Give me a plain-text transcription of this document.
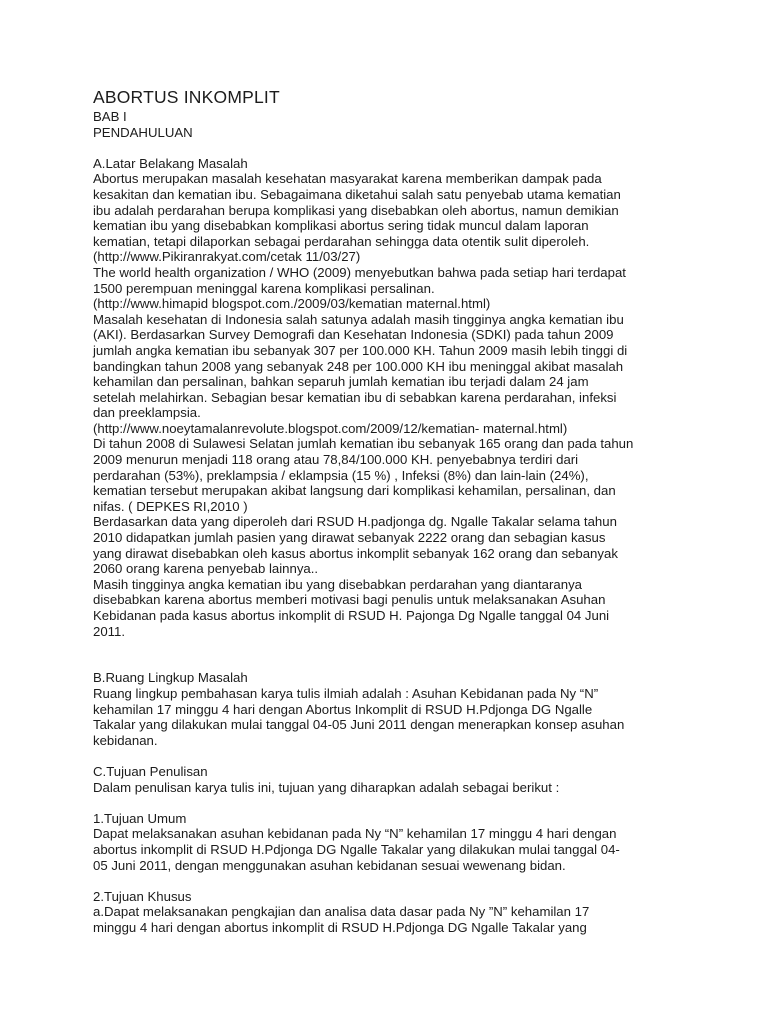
ABORTUS INKOMPLIT

BAB I

PENDAHULUAN

A.Latar Belakang Masalah

Abortus merupakan masalah kesehatan masyarakat karena memberikan dampak pada

kesakitan dan kematian ibu. Sebagaimana diketahui salah satu penyebab utama kematian

ibu adalah perdarahan berupa komplikasi yang disebabkan oleh abortus, namun demikian

kematian ibu yang disebabkan komplikasi abortus sering tidak muncul dalam laporan

kematian, tetapi dilaporkan sebagai perdarahan sehingga data otentik sulit diperoleh.

(http://www.Pikiranrakyat.com/cetak 11/03/27)

The world health organization / WHO (2009) menyebutkan bahwa pada setiap hari terdapat

1500 perempuan meninggal karena komplikasi persalinan.

(http://www.himapid blogspot.com./2009/03/kematian maternal.html)

Masalah kesehatan di Indonesia salah satunya adalah masih tingginya angka kematian ibu

(AKI). Berdasarkan Survey Demografi dan Kesehatan Indonesia (SDKI) pada tahun 2009

jumlah angka kematian ibu sebanyak 307 per 100.000 KH. Tahun 2009 masih lebih tinggi di

bandingkan tahun 2008 yang sebanyak 248 per 100.000 KH ibu meninggal akibat masalah

kehamilan dan persalinan, bahkan separuh jumlah kematian ibu terjadi dalam 24 jam

setelah melahirkan. Sebagian besar kematian ibu di sebabkan karena perdarahan, infeksi

dan preeklampsia.

(http://www.noeytamalanrevolute.blogspot.com/2009/12/kematian- maternal.html)

Di tahun 2008 di Sulawesi Selatan jumlah kematian ibu sebanyak 165 orang dan pada tahun

2009 menurun menjadi 118 orang atau 78,84/100.000 KH. penyebabnya terdiri dari

perdarahan (53%), preklampsia / eklampsia (15 %) , Infeksi (8%) dan lain-lain (24%),

kematian tersebut merupakan akibat langsung dari komplikasi kehamilan, persalinan, dan

nifas. ( DEPKES RI,2010 )

Berdasarkan data yang diperoleh dari RSUD H.padjonga dg. Ngalle Takalar selama tahun

2010 didapatkan jumlah pasien yang dirawat sebanyak 2222 orang dan sebagian kasus

yang dirawat disebabkan oleh kasus abortus inkomplit sebanyak 162 orang dan sebanyak

2060 orang karena penyebab lainnya..

Masih tingginya angka kematian ibu yang disebabkan perdarahan yang diantaranya

disebabkan karena abortus memberi motivasi bagi penulis untuk melaksanakan Asuhan

Kebidanan pada kasus abortus inkomplit di RSUD H. Pajonga Dg Ngalle tanggal 04 Juni

2011.

B.Ruang Lingkup Masalah

Ruang lingkup pembahasan karya tulis ilmiah adalah : Asuhan Kebidanan pada Ny “N”

kehamilan 17 minggu 4 hari dengan Abortus Inkomplit di RSUD H.Pdjonga DG Ngalle

Takalar yang dilakukan mulai tanggal 04-05 Juni 2011 dengan menerapkan konsep asuhan

kebidanan.

C.Tujuan Penulisan

Dalam penulisan karya tulis ini, tujuan yang diharapkan adalah sebagai berikut :

1.Tujuan Umum

Dapat melaksanakan asuhan kebidanan pada Ny “N” kehamilan 17 minggu 4 hari dengan

abortus inkomplit di RSUD H.Pdjonga DG Ngalle Takalar yang dilakukan mulai tanggal 04-

05 Juni 2011, dengan menggunakan asuhan kebidanan sesuai wewenang bidan.

2.Tujuan Khusus

a.Dapat melaksanakan pengkajian dan analisa data dasar pada Ny ”N” kehamilan 17

minggu 4 hari dengan abortus inkomplit di RSUD H.Pdjonga DG Ngalle Takalar yang
